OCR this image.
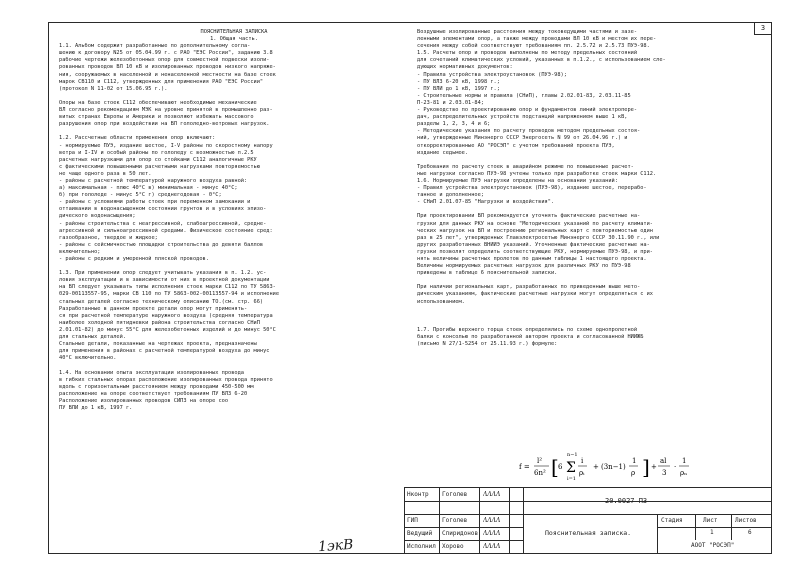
3
ПОЯСНИТЕЛЬНАЯ ЗАПИСКА
1. Общая часть.
1.1. Альбом содержит разработанные по дополнительному согла-
шению к договору N25 от 05.04.99 г. с РАО "ЕЭС России", заданию 3.8
рабочие чертежи железобетонных опор для совместной подвески изоли-
рованных проводов ВЛ 10 кВ и изолированных проводов низкого напряже-
ния, сооружаемых в населенной и ненаселенной местности на базе стоек
марок СВ110 и С112, утвержденных для применения РАО "ЕЭС России"
(протокол N 11-02 от 15.06.95 г.).
Опоры на базе стоек С112 обеспечивают необходимые механические
ВЛ согласно рекомендациям МЭК на уровне принятой в промышленно раз-
витых странах Европы и Америки и позволяют избежать массового
разрушения опор при воздействии на ВЛ гололедно-ветровых нагрузок.
1.2. Рассчетные области применения опор включают:
- нормируемые ПУЭ, издание шестое, I-V районы по скоростному напору
ветра и I-IV и особый районы по гололеду с возможностью п.2.5
расчетных нагрузками для опор со стойками С112 аналогичные РКУ
с фактическими повышенными расчетными нагрузками повторяемостью
не чаще одного раза в 50 лет.
- районы с расчетной температурой наружного воздуха равной:
а) максимальная - плюс 40°С в) минимальная - минус 40°С;
б) при гололеде - минус 5°С г) среднегодовая - 0°С;
- районы с условиями работы стоек при переменном замокании и
оттаивании в водонасыщенном состоянии грунтов и в условиях эпизо-
дического водонасыщения;
- районы строительства с неагрессивной, слабоагрессивной, средне-
агрессивной и сильноагрессивной средами. Физическое состояние сред:
газообразное, твердое и жидкое;
- районы с сейсмичностью площадки строительства до девяти баллов
включительно;
- районы с редким и умеренной пляской проводов.
1.3. При применении опор следует учитывать указания в п. 1.2. ус-
ловия эксплуатации и в зависимости от них в проектной документации
на ВЛ следует указывать типы исполнения стоек марки С112 по ТУ 5863-
029-00113557-95, марки СВ 110 по ТУ 5863-002-00113557-94 и исполнение
стальных деталей согласно техническому описанию ТО.(см. стр. 66)
Разработанные в данном проекте детали опор могут применять-
ся при расчетной температуре наружного воздуха (средняя температура
наиболее холодной пятидневки района строительства согласно СНиП
2.01.01-82) до минус 55°С для железобетонных изделий и до минус 50°С
для стальных деталей.
Стальные детали, показанные на чертежах проекта, предназначены
для применения в районах с расчетной температурой воздуха до минус
40°С включительно.
1.4. На основании опыта эксплуатации изолированных провода
в гибких стальных опорах расположение изолированных провода принято
вдоль с горизонтальным расстоянием между проводами 450-500 мм
расположение на опоре соответствует требованиям ПУ ВЛЗ 6-20
Расположение изолированных проводов СИП3 на опоре соо
ПУ ВЛИ до 1 кВ, 1997 г.
Воздушные изолированные расстояния между токоведущими частями и зазе-
ленными элементами опор, а также между проводами ВЛ 10 кВ и местом их пере-
сечения между собой соответствуют требованиям пп. 2.5.72 и 2.5.73 ПУЭ-98.
1.5. Расчеты опор и проводов выполнены по методу предельных состояний
для сочетаний климатических условий, указанных в п.1.2., с использованием сле-
дующих нормативных документов:
- Правила устройства электроустановок (ПУЭ-98);
- ПУ ВЛЗ 6-20 кВ, 1998 г.;
- ПУ ВЛИ до 1 кВ, 1997 г.;
- Строительные нормы и правила (СНиП), главы 2.02.01-83, 2.03.11-85
П-23-81 и 2.03.01-84;
- Руководство по проектированию опор и фундаментов линий электропере-
дач, распределительных устройств подстанций напряжением выше 1 кВ,
разделы 1, 2, 3, 4 и 6;
- Методические указания по расчету проводов методом предельных состоя-
ний, утвержденные Минэнерго СССР Энергосеть N 99 от 26.04.96 г.) и
откорректированные АО "РОСЭП" с учетом требований проекта ПУЭ,
издание седьмое.
Требования по расчету стоек в аварийном режиме по повышенные расчет-
ные нагрузки согласно ПУЭ-98 учтены только при разработке стоек марки С112.
1.6. Нормируемые ПУЭ нагрузки определены на основании указаний:
- Правил устройства электроустановок (ПУЭ-98), издание шестое, перерабо-
танное и дополненное;
- СНиП 2.01.07-85 "Нагрузки и воздействия".
При проектировании ВЛ рекомендуется уточнять фактические расчетные на-
грузки для данных РКУ на основе "Методических указаний по расчету климати-
ческих нагрузок на ВЛ и построению региональных карт с повторяемостью один
раз в 25 лет", утвержденных Главэлектросетью Минэнерго СССР 30.11.90 г., или
других разработанных ВНИИЭ указаний. Уточненные фактические расчетные на-
грузки позволят определить соответствующие РКУ, нормируемые ПУЭ-98, и при-
нять величины расчетных пролетов по данным таблицы 1 настоящего проекта.
Величины нормируемых расчетных нагрузок для различных РКУ по ПУЭ-98
приведены в таблице 6 пояснительной записки.
При наличии региональных карт, разработанных по приведенным выше мето-
дическим указаниям, фактические расчетные нагрузки могут определяться с их
использованием.
1.7. Прогибы верхнего торца стоек определялись по схеме однопролетной
балки с консолью по разработанной автором проекта и согласованной НИИЖБ
(письмо N 27/1-5254 от 25.11.93 г.) формуле:
f =
l²
6n² [ 6
n−1
Σ
i=1
i
ρᵢ
+ (3n−1)
1
ρ ] +
al
3
·
1
ρₙ
Нконтр Гоголев	ΛΛΛΛ
ГИП	Гоголев	ΛΛΛΛ
Ведущий Спиридонов ΛΛΛΛ
Исполнил Хорово	ΛΛΛΛ
20.0027 ПЗ
Пояснительная записка.
Стадия	Лист	Листов
1	6
АООТ "РОСЭП"
1экВ
